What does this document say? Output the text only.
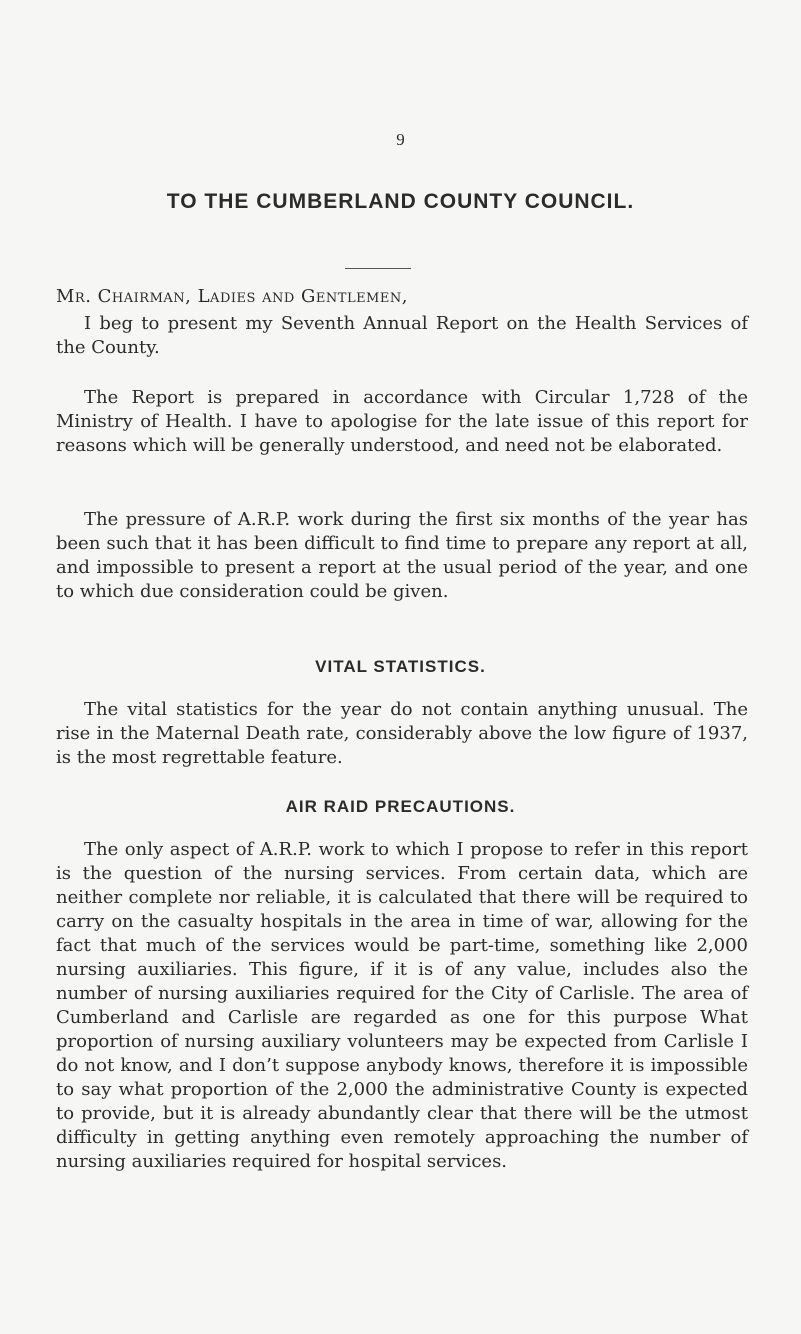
9
TO THE CUMBERLAND COUNTY COUNCIL.
Mr. Chairman, Ladies and Gentlemen,

I beg to present my Seventh Annual Report on the Health Services of the County.

The Report is prepared in accordance with Circular 1,728 of the Ministry of Health. I have to apologise for the late issue of this report for reasons which will be generally understood, and need not be elaborated.

The pressure of A.R.P. work during the first six months of the year has been such that it has been difficult to find time to prepare any report at all, and impossible to present a report at the usual period of the year, and one to which due consideration could be given.

VITAL STATISTICS.

The vital statistics for the year do not contain anything unusual. The rise in the Maternal Death rate, considerably above the low figure of 1937, is the most regrettable feature.

AIR RAID PRECAUTIONS.

The only aspect of A.R.P. work to which I propose to refer in this report is the question of the nursing services. From certain data, which are neither complete nor reliable, it is calculated that there will be required to carry on the casualty hospitals in the area in time of war, allowing for the fact that much of the services would be part-time, something like 2,000 nursing auxiliaries. This figure, if it is of any value, includes also the number of nursing auxiliaries required for the City of Carlisle. The area of Cumberland and Carlisle are regarded as one for this purpose What proportion of nursing auxiliary volunteers may be expected from Carlisle I do not know, and I don’t suppose anybody knows, therefore it is impossible to say what proportion of the 2,000 the administrative County is expected to provide, but it is already abundantly clear that there will be the utmost difficulty in getting anything even remotely approaching the number of nursing auxiliaries required for hospital services.
